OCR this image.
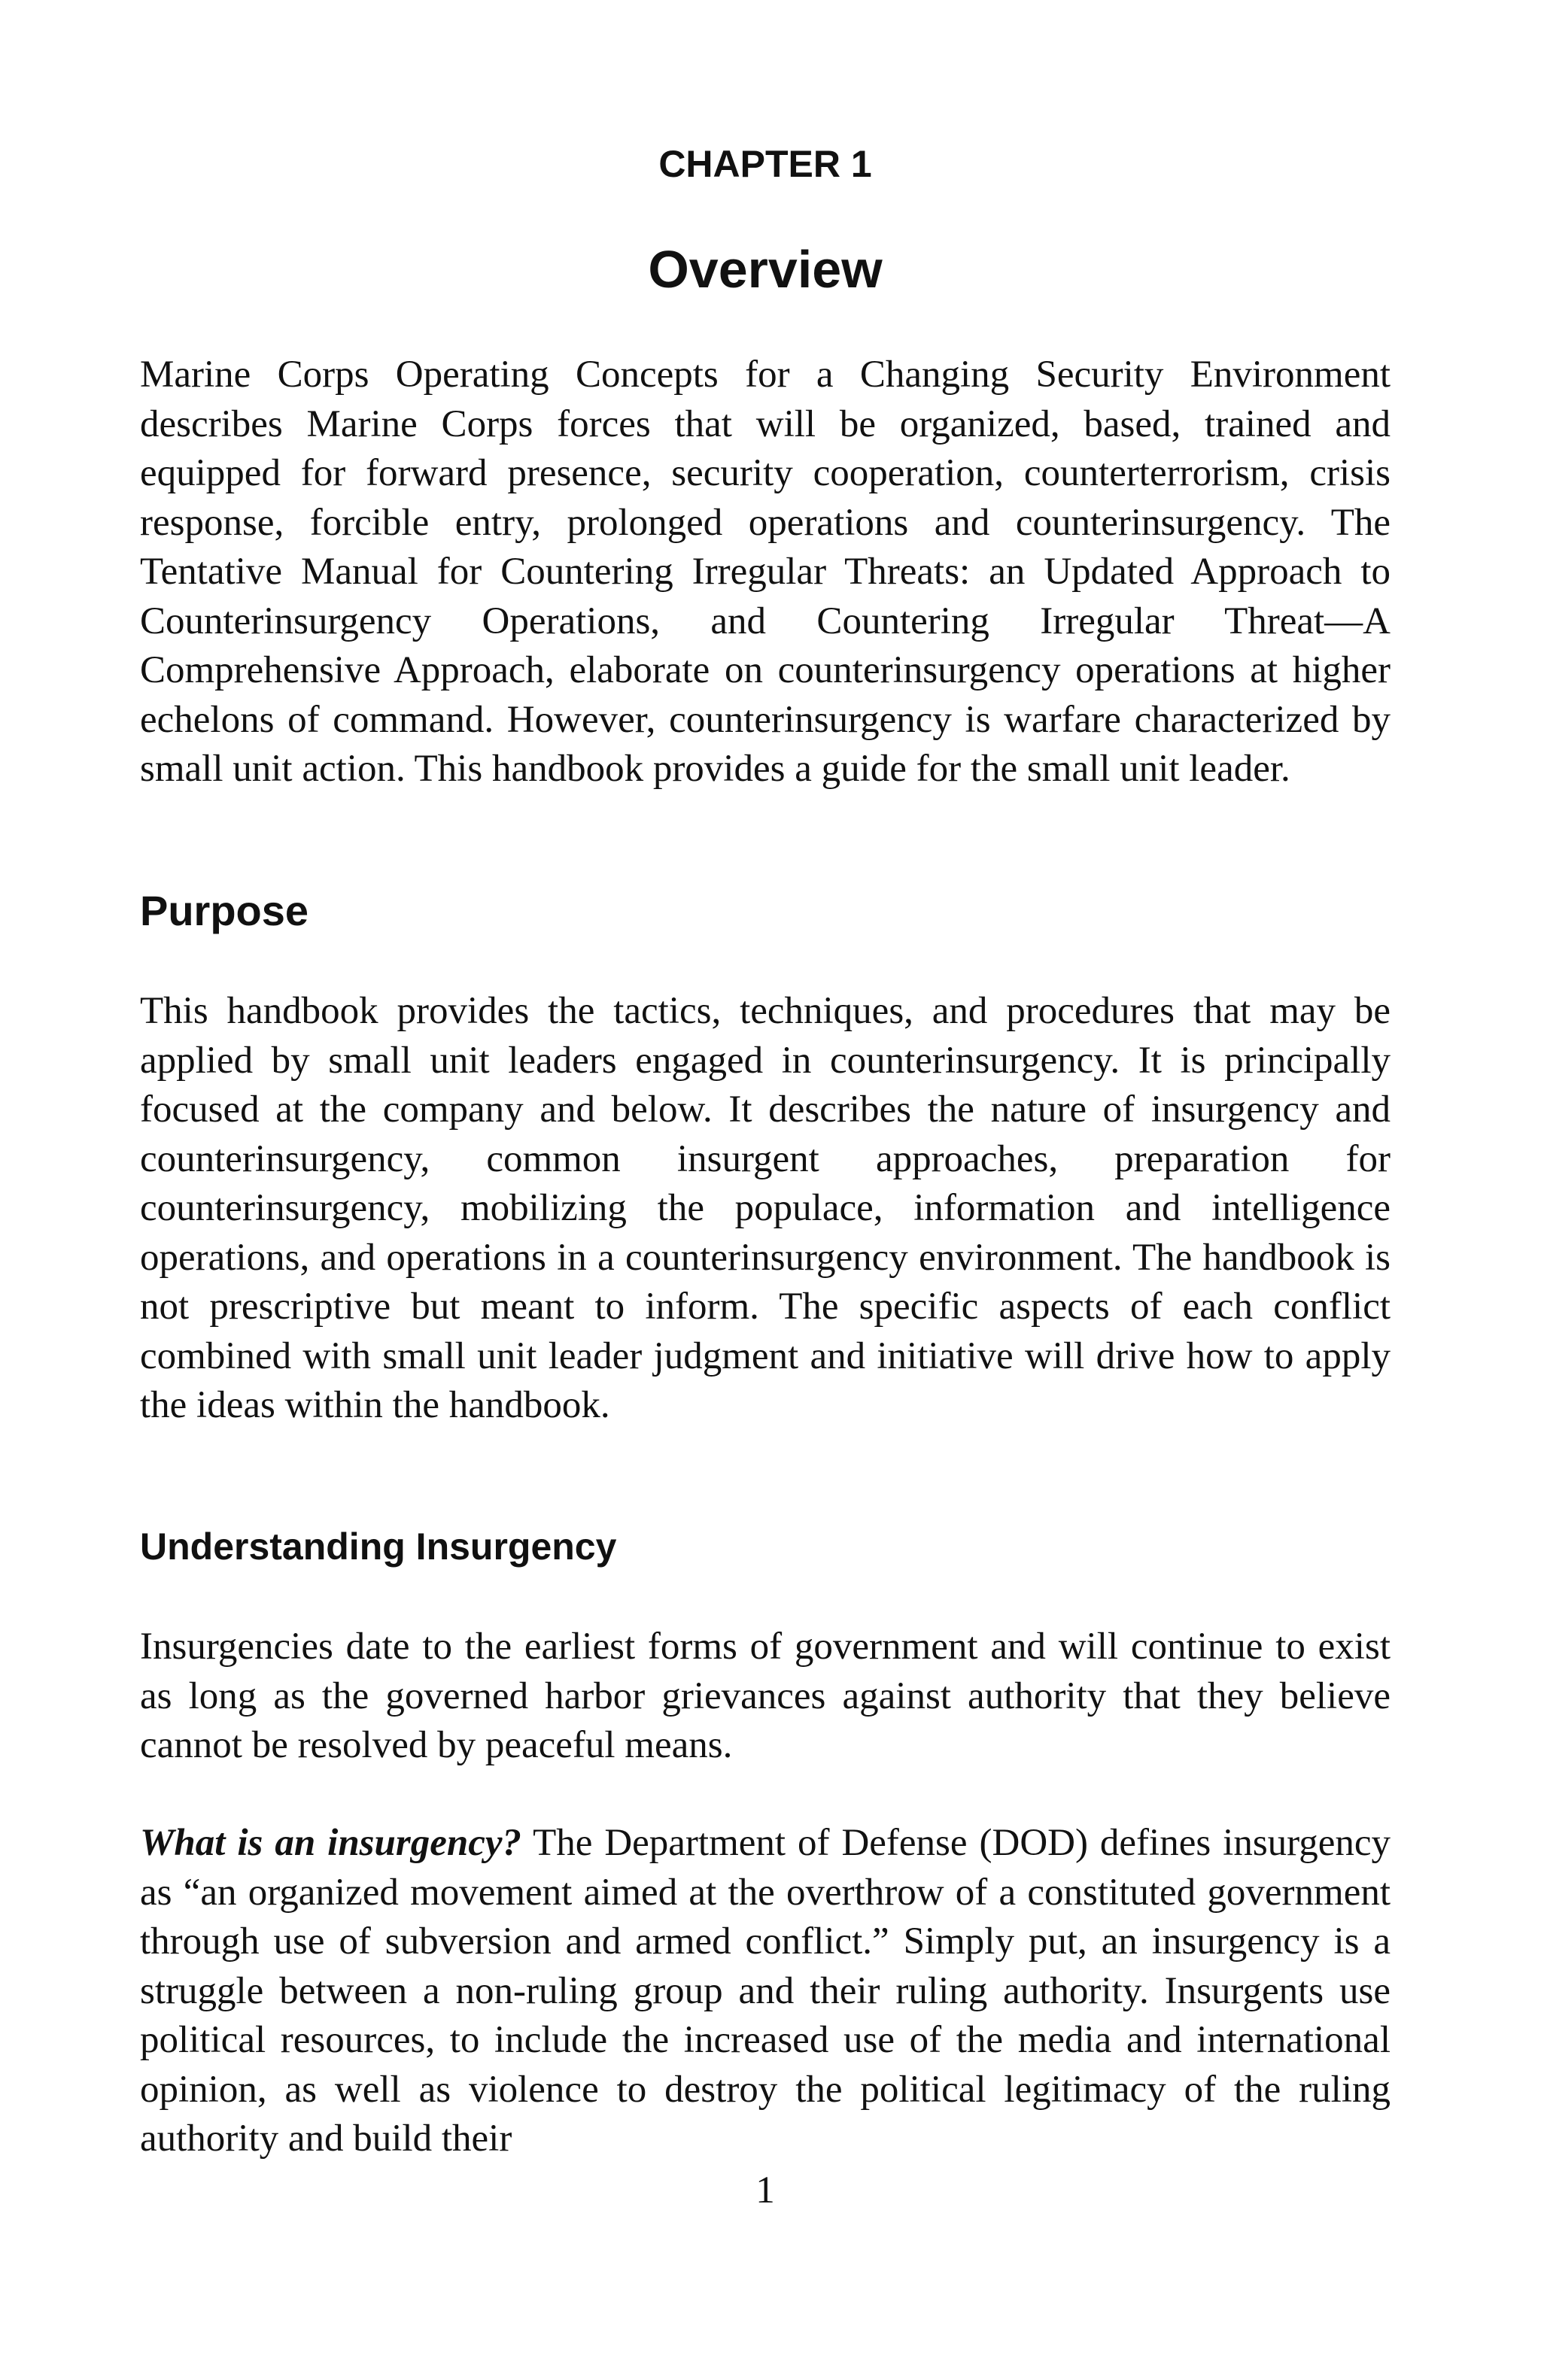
CHAPTER 1
Overview

Marine Corps Operating Concepts for a Changing Security Environment describes Marine Corps forces that will be organized, based, trained and equipped for forward presence, security cooperation, counterterrorism, crisis response, forcible entry, prolonged operations and counterinsurgency. The Tentative Manual for Countering Irregular Threats: an Updated Approach to Counterinsurgency Operations, and Countering Irregular Threat—A Comprehensive Approach, elaborate on counterinsurgency operations at higher echelons of command. However, counterinsurgency is warfare characterized by small unit action. This handbook provides a guide for the small unit leader.

Purpose

This handbook provides the tactics, techniques, and procedures that may be applied by small unit leaders engaged in counterinsurgency. It is principally focused at the company and below. It describes the nature of insurgency and counterinsurgency, common insurgent approaches, preparation for counterinsurgency, mobilizing the populace, information and intelligence operations, and operations in a counterinsurgency environment. The handbook is not prescriptive but meant to inform. The specific aspects of each conflict combined with small unit leader judgment and initiative will drive how to apply the ideas within the handbook.

Understanding Insurgency

Insurgencies date to the earliest forms of government and will continue to exist as long as the governed harbor grievances against authority that they believe cannot be resolved by peaceful means.

What is an insurgency? The Department of Defense (DOD) defines insurgency as “an organized movement aimed at the overthrow of a constituted government through use of subversion and armed conflict.” Simply put, an insurgency is a struggle between a non-ruling group and their ruling authority. Insurgents use political resources, to include the increased use of the media and international opinion, as well as violence to destroy the political legitimacy of the ruling authority and build their

1
